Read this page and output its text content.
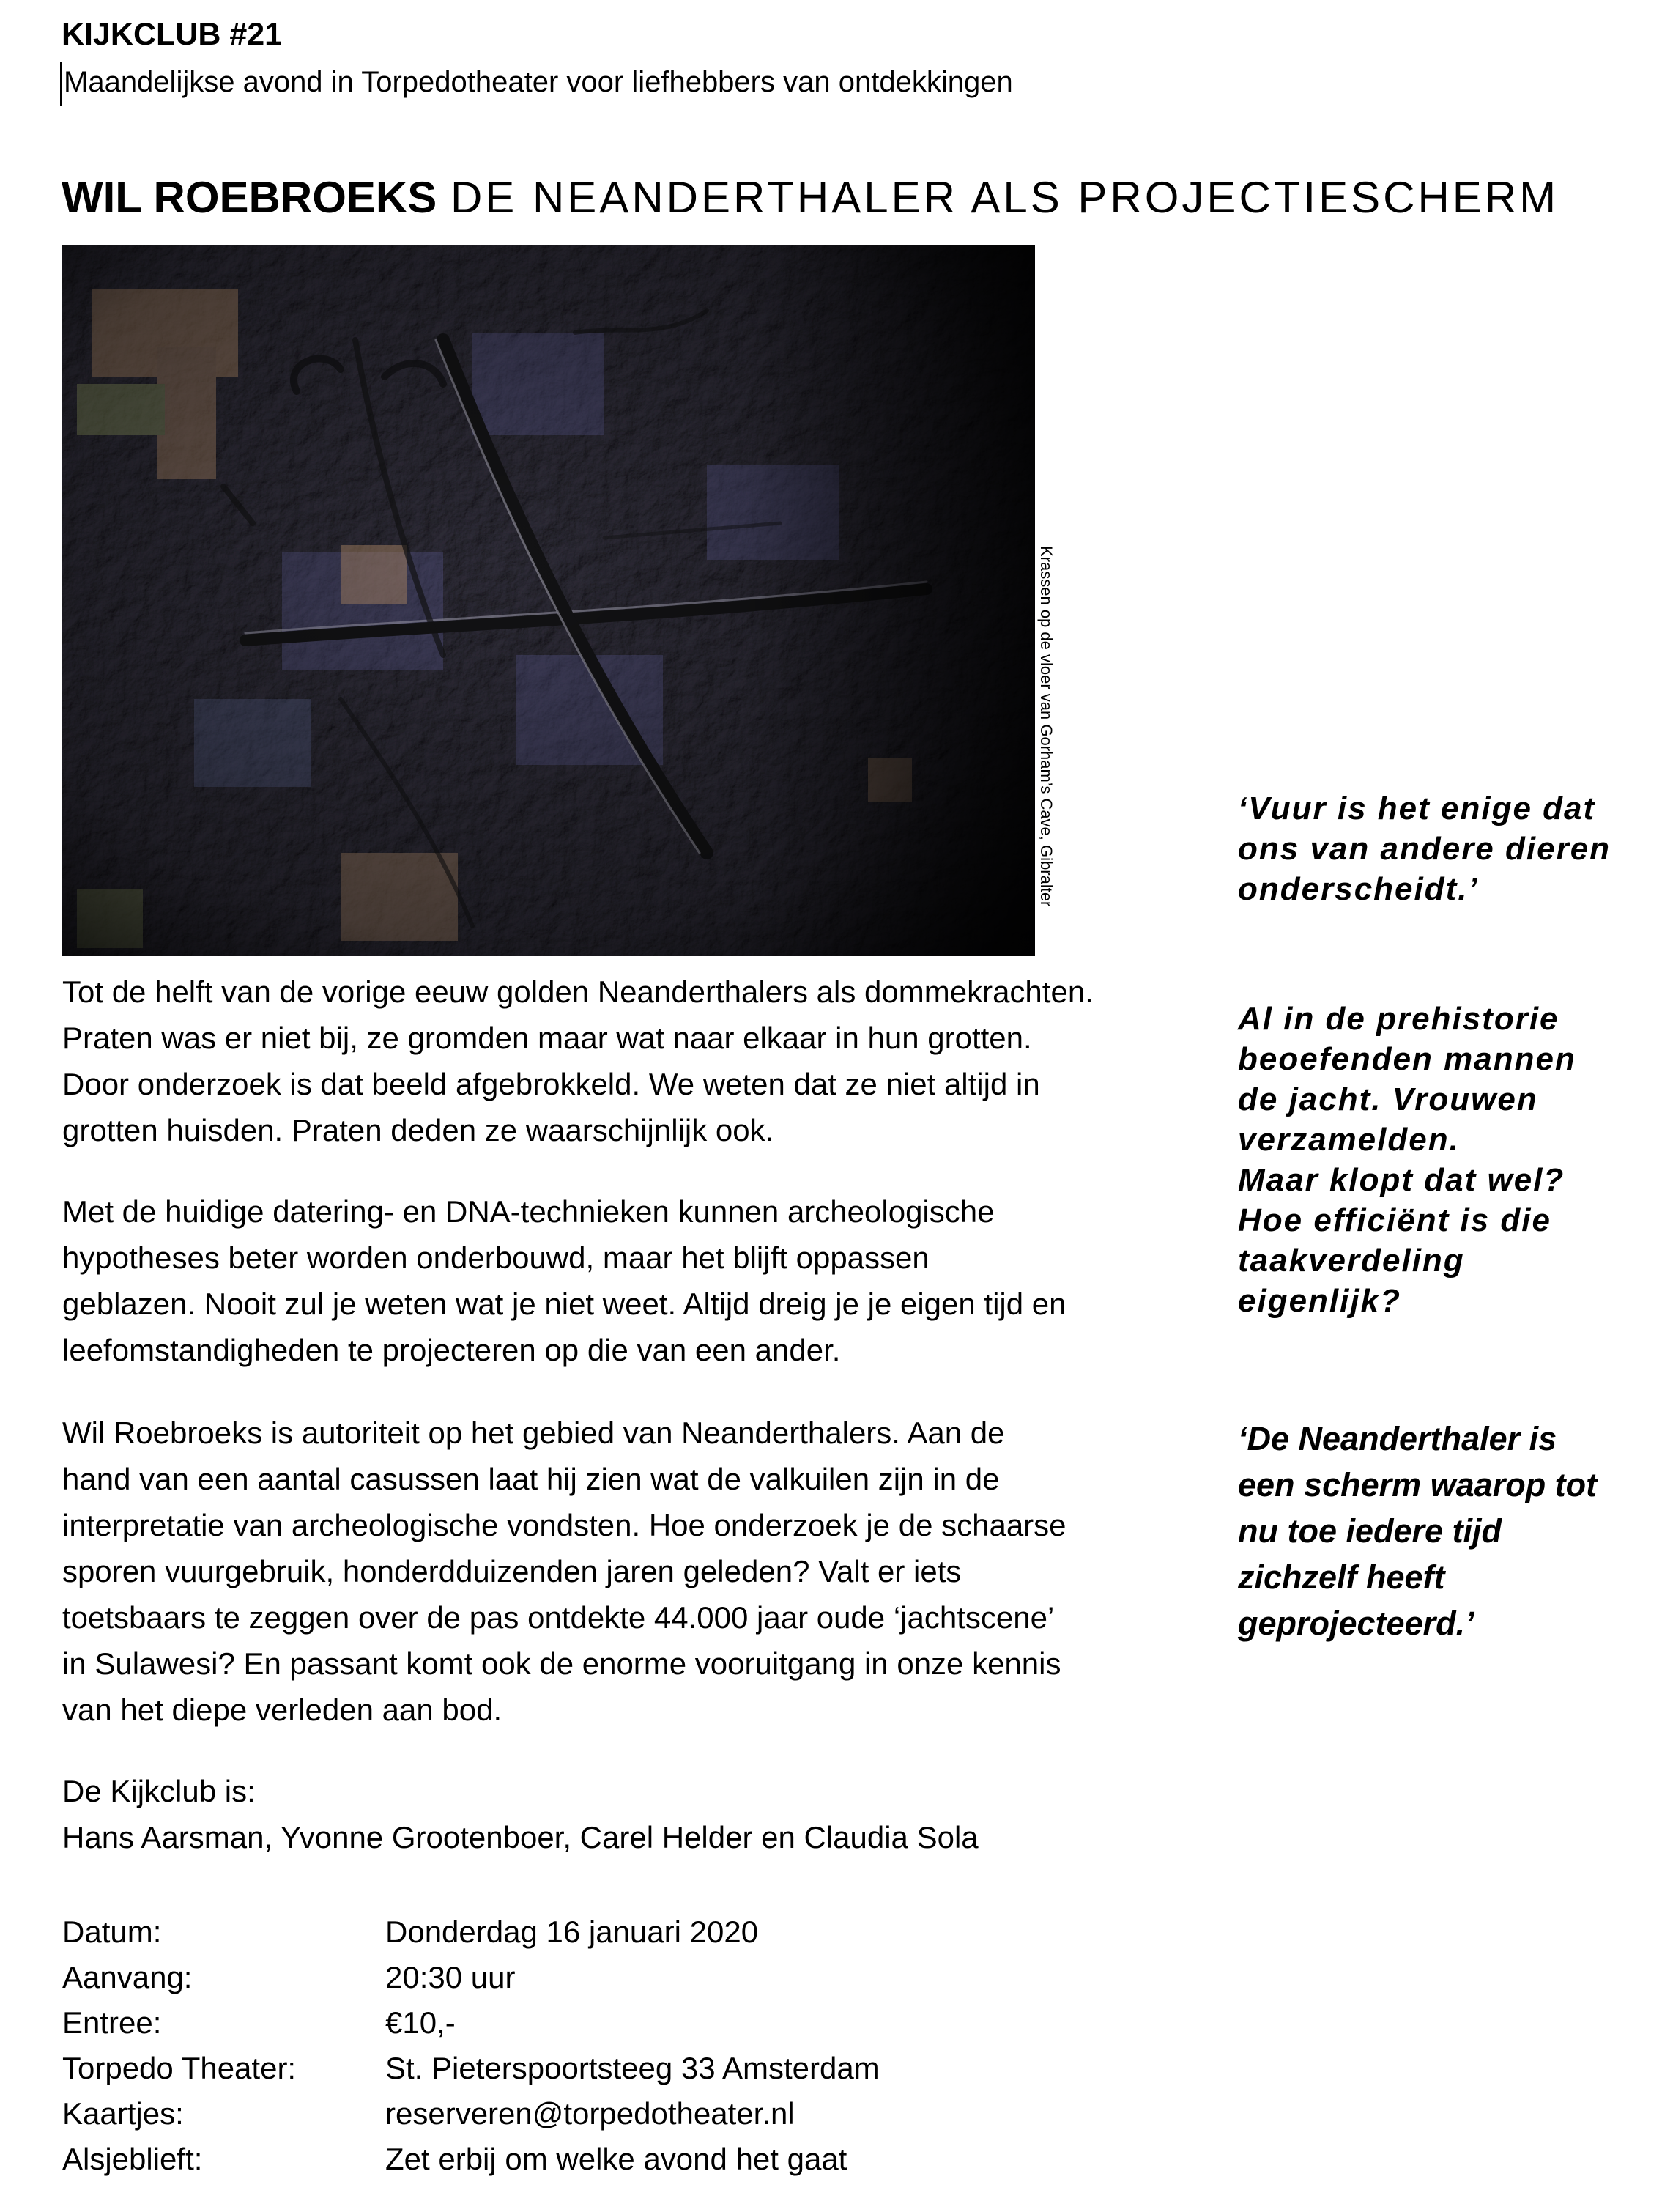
KIJKCLUB #21
Maandelijkse avond in Torpedotheater voor liefhebbers van ontdekkingen
WIL ROEBROEKS DE NEANDERTHALER ALS PROJECTIESCHERM
Krassen op de vloer van Gorham’s Cave, Gibralter

Tot de helft van de vorige eeuw golden Neanderthalers als dommekrachten.

Praten was er niet bij, ze gromden maar wat naar elkaar in hun grotten.

Door onderzoek is dat beeld afgebrokkeld. We weten dat ze niet altijd in

grotten huisden. Praten deden ze waarschijnlijk ook.

Met de huidige datering- en DNA-technieken kunnen archeologische

hypotheses beter worden onderbouwd, maar het blijft oppassen

geblazen. Nooit zul je weten wat je niet weet. Altijd dreig je je eigen tijd en

leefomstandigheden te projecteren op die van een ander.

Wil Roebroeks is autoriteit op het gebied van Neanderthalers. Aan de

hand van een aantal casussen laat hij zien wat de valkuilen zijn in de

interpretatie van archeologische vondsten. Hoe onderzoek je de schaarse

sporen vuurgebruik, honderdduizenden jaren geleden? Valt er iets

toetsbaars te zeggen over de pas ontdekte 44.000 jaar oude ‘jachtscene’

in Sulawesi? En passant komt ook de enorme vooruitgang in onze kennis

van het diepe verleden aan bod.

De Kijkclub is:
Hans Aarsman, Yvonne Grootenboer, Carel Helder en Claudia Sola
Datum:	Donderdag 16 januari 2020
Aanvang:	20:30 uur
Entree:	€10,-
Torpedo Theater:	St. Pieterspoortsteeg 33 Amsterdam
Kaartjes:	reserveren@torpedotheater.nl
Alsjeblieft:	Zet erbij om welke avond het gaat
‘Vuur is het enige dat
ons van andere dieren
onderscheidt.’
Al in de prehistorie
beoefenden mannen
de jacht. Vrouwen
verzamelden.
Maar klopt dat wel?
Hoe efficiënt is die
taakverdeling
eigenlijk?
‘De Neanderthaler is
een scherm waarop tot
nu toe iedere tijd
zichzelf heeft
geprojecteerd.’
